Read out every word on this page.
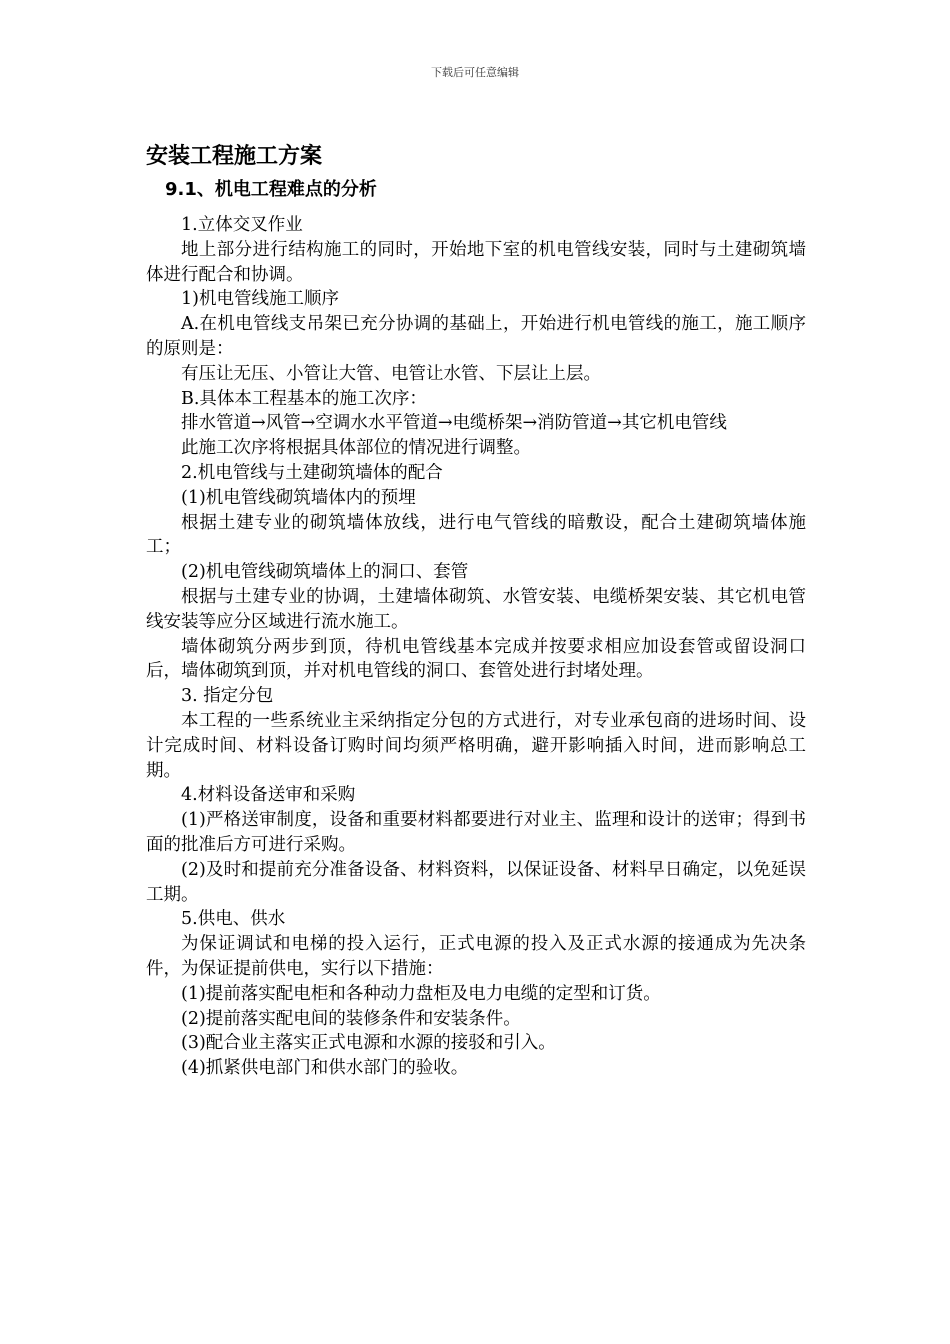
下载后可任意编辑
安装工程施工方案
9.1、机电工程难点的分析

1.立体交叉作业

地上部分进行结构施工的同时，开始地下室的机电管线安装，同时与土建砌筑墙体进行配合和协调。

1)机电管线施工顺序

A.在机电管线支吊架已充分协调的基础上，开始进行机电管线的施工，施工顺序的原则是：

有压让无压、小管让大管、电管让水管、下层让上层。

B.具体本工程基本的施工次序：

排水管道→风管→空调水水平管道→电缆桥架→消防管道→其它机电管线

此施工次序将根据具体部位的情况进行调整。

2.机电管线与土建砌筑墙体的配合

(1)机电管线砌筑墙体内的预埋

根据土建专业的砌筑墙体放线，进行电气管线的暗敷设，配合土建砌筑墙体施工；

(2)机电管线砌筑墙体上的洞口、套管

根据与土建专业的协调，土建墙体砌筑、水管安装、电缆桥架安装、其它机电管线安装等应分区域进行流水施工。

墙体砌筑分两步到顶，待机电管线基本完成并按要求相应加设套管或留设洞口后，墙体砌筑到顶，并对机电管线的洞口、套管处进行封堵处理。

3. 指定分包

本工程的一些系统业主采纳指定分包的方式进行，对专业承包商的进场时间、设计完成时间、材料设备订购时间均须严格明确，避开影响插入时间，进而影响总工期。

4.材料设备送审和采购

(1)严格送审制度，设备和重要材料都要进行对业主、监理和设计的送审；得到书面的批准后方可进行采购。

(2)及时和提前充分准备设备、材料资料，以保证设备、材料早日确定，以免延误工期。

5.供电、供水

为保证调试和电梯的投入运行，正式电源的投入及正式水源的接通成为先决条件，为保证提前供电，实行以下措施：

(1)提前落实配电柜和各种动力盘柜及电力电缆的定型和订货。

(2)提前落实配电间的装修条件和安装条件。

(3)配合业主落实正式电源和水源的接驳和引入。

(4)抓紧供电部门和供水部门的验收。
